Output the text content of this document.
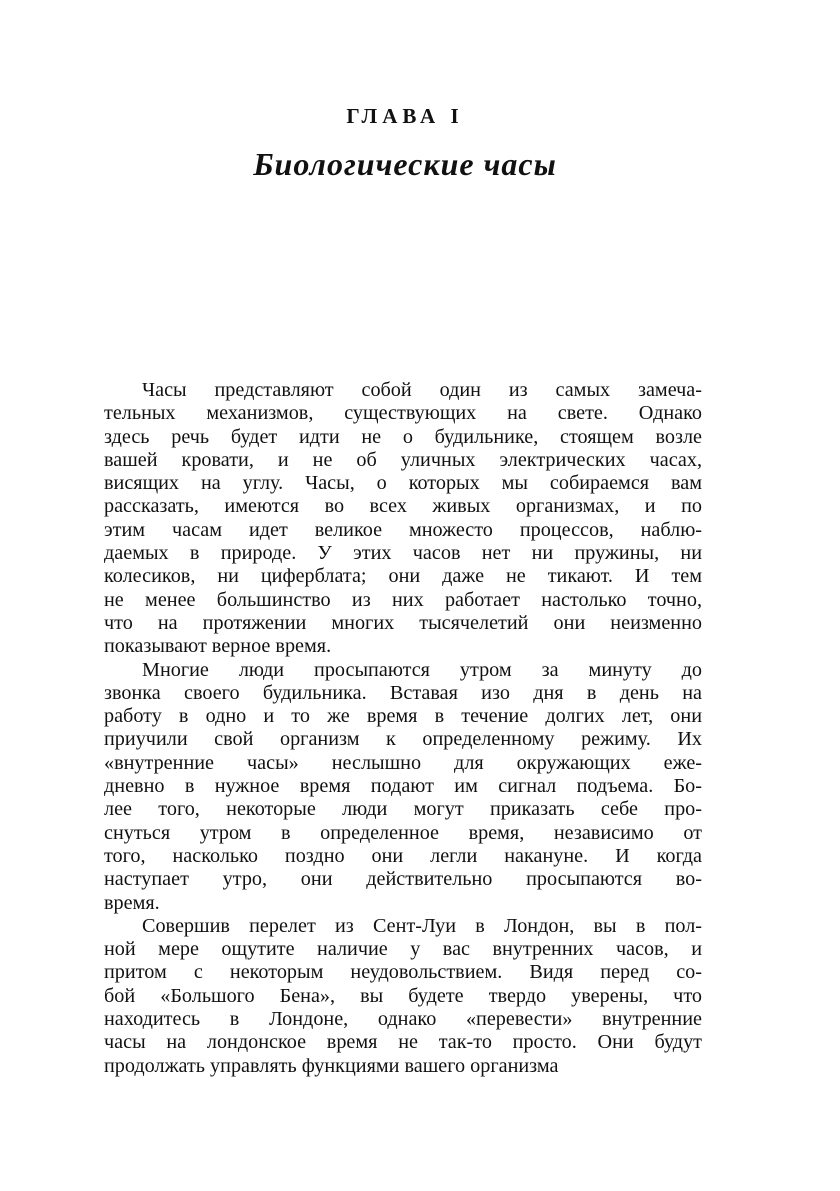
ГЛАВА I
Биологические часы
Часы представляют собой один из самых замеча-
тельных механизмов, существующих на свете. Однако
здесь речь будет идти не о будильнике, стоящем возле
вашей кровати, и не об уличных электрических часах,
висящих на углу. Часы, о которых мы собираемся вам
рассказать, имеются во всех живых организмах, и по
этим часам идет великое множесто процессов, наблю-
даемых в природе. У этих часов нет ни пружины, ни
колесиков, ни циферблата; они даже не тикают. И тем
не менее большинство из них работает настолько точно,
что на протяжении многих тысячелетий они неизменно
показывают верное время.
Многие люди просыпаются утром за минуту до
звонка своего будильника. Вставая изо дня в день на
работу в одно и то же время в течение долгих лет, они
приучили свой организм к определенному режиму. Их
«внутренние часы» неслышно для окружающих еже-
дневно в нужное время подают им сигнал подъема. Бо-
лее того, некоторые люди могут приказать себе про-
снуться утром в определенное время, независимо от
того, насколько поздно они легли накануне. И когда
наступает утро, они действительно просыпаются во-
время.
Совершив перелет из Сент-Луи в Лондон, вы в пол-
ной мере ощутите наличие у вас внутренних часов, и
притом с некоторым неудовольствием. Видя перед со-
бой «Большого Бена», вы будете твердо уверены, что
находитесь в Лондоне, однако «перевести» внутренние
часы на лондонское время не так-то просто. Они будут
продолжать управлять функциями вашего организма
